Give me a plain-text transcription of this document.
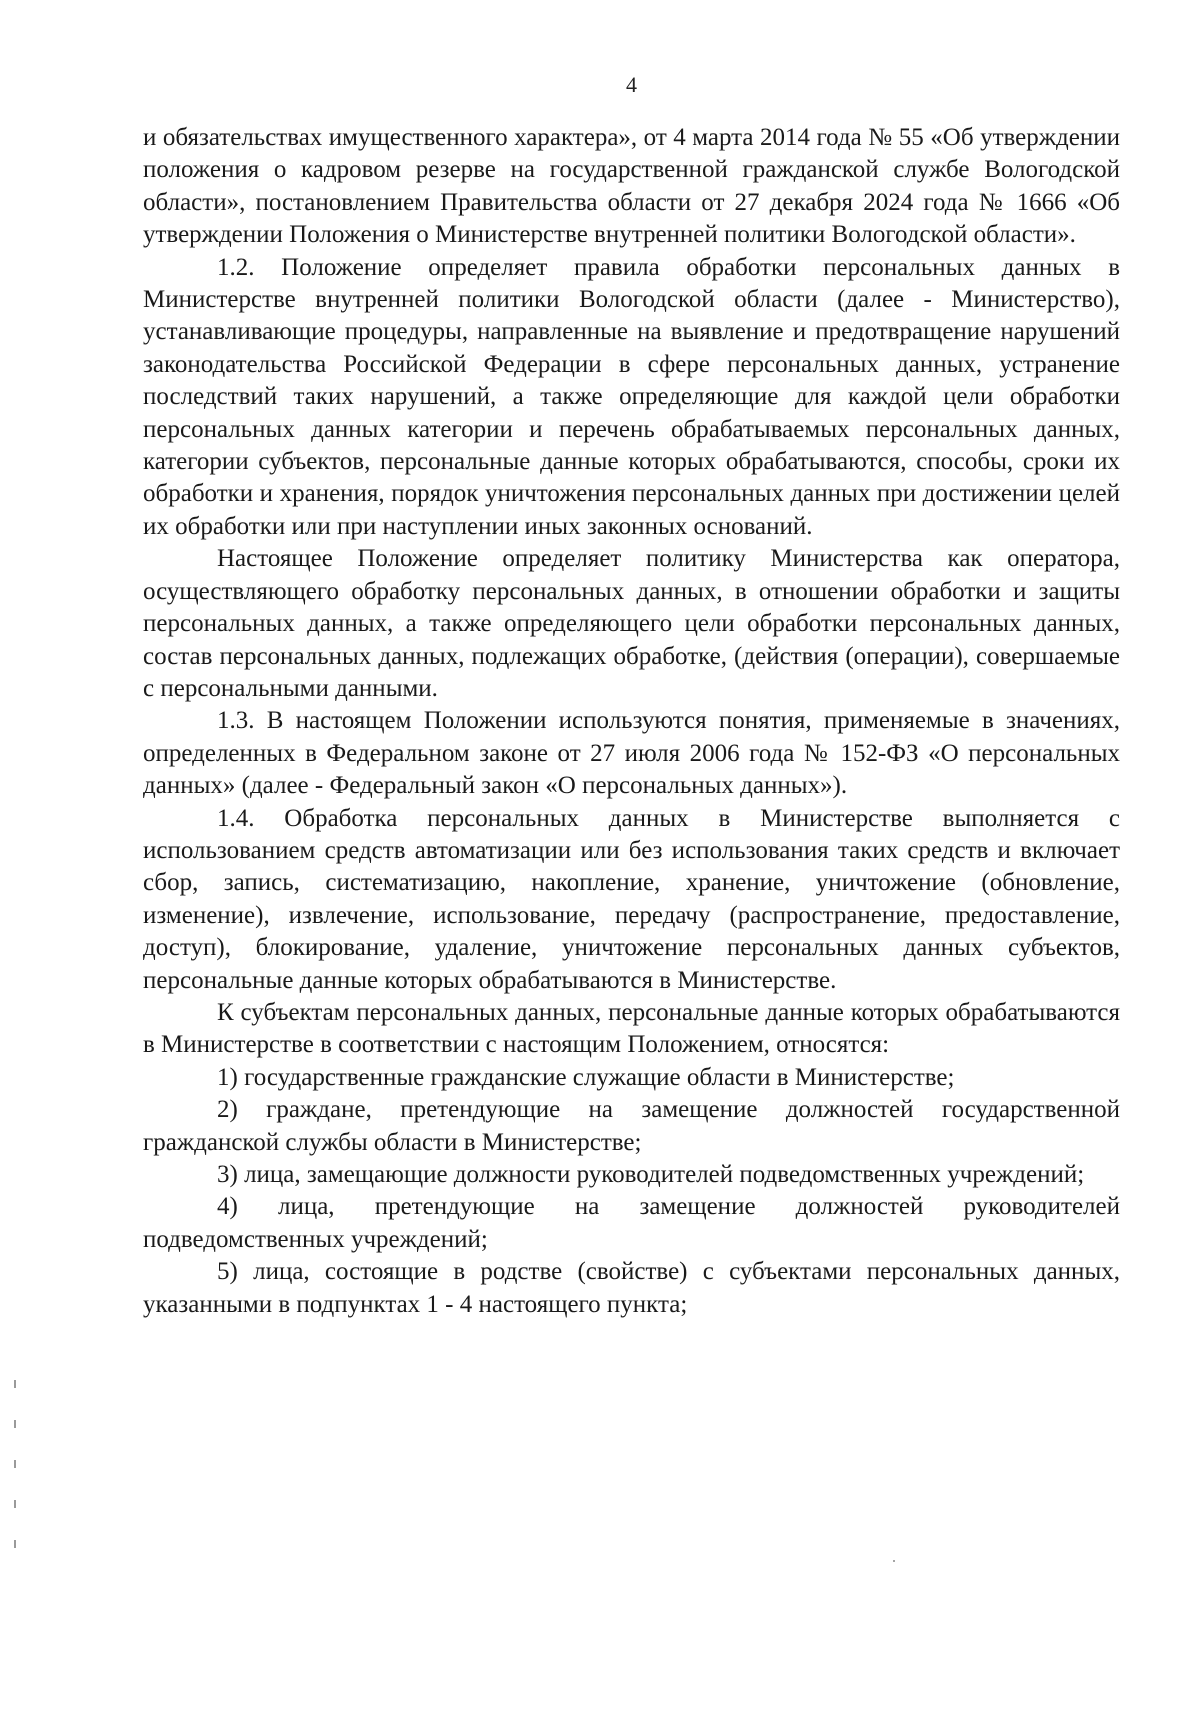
4

и обязательствах имущественного характера», от 4 марта 2014 года № 55 «Об утверждении положения о кадровом резерве на государственной гражданской службе Вологодской области», постановлением Правительства области от 27 декабря 2024 года № 1666 «Об утверждении Положения о Министерстве внутренней политики Вологодской области».

1.2. Положение определяет правила обработки персональных данных в Министерстве внутренней политики Вологодской области (далее - Министерство), устанавливающие процедуры, направленные на выявление и предотвращение нарушений законодательства Российской Федерации в сфере персональных данных, устранение последствий таких нарушений, а также определяющие для каждой цели обработки персональных данных категории и перечень обрабатываемых персональных данных, категории субъектов, персональные данные которых обрабатываются, способы, сроки их обработки и хранения, порядок уничтожения персональных данных при достижении целей их обработки или при наступлении иных законных оснований.

Настоящее Положение определяет политику Министерства как оператора, осуществляющего обработку персональных данных, в отношении обработки и защиты персональных данных, а также определяющего цели обработки персональных данных, состав персональных данных, подлежащих обработке, (действия (операции), совершаемые с персональными данными.

1.3. В настоящем Положении используются понятия, применяемые в значениях, определенных в Федеральном законе от 27 июля 2006 года № 152-ФЗ «О персональных данных» (далее - Федеральный закон «О персональных данных»).

1.4. Обработка персональных данных в Министерстве выполняется с использованием средств автоматизации или без использования таких средств и включает сбор, запись, систематизацию, накопление, хранение, уничтожение (обновление, изменение), извлечение, использование, передачу (распространение, предоставление, доступ), блокирование, удаление, уничтожение персональных данных субъектов, персональные данные которых обрабатываются в Министерстве.

К субъектам персональных данных, персональные данные которых обрабатываются в Министерстве в соответствии с настоящим Положением, относятся:

1) государственные гражданские служащие области в Министерстве;

2) граждане, претендующие на замещение должностей государственной гражданской службы области в Министерстве;

3) лица, замещающие должности руководителей подведомственных учреждений;

4) лица, претендующие на замещение должностей руководителей подведомственных учреждений;

5) лица, состоящие в родстве (свойстве) с субъектами персональных данных, указанными в подпунктах 1 - 4 настоящего пункта;
